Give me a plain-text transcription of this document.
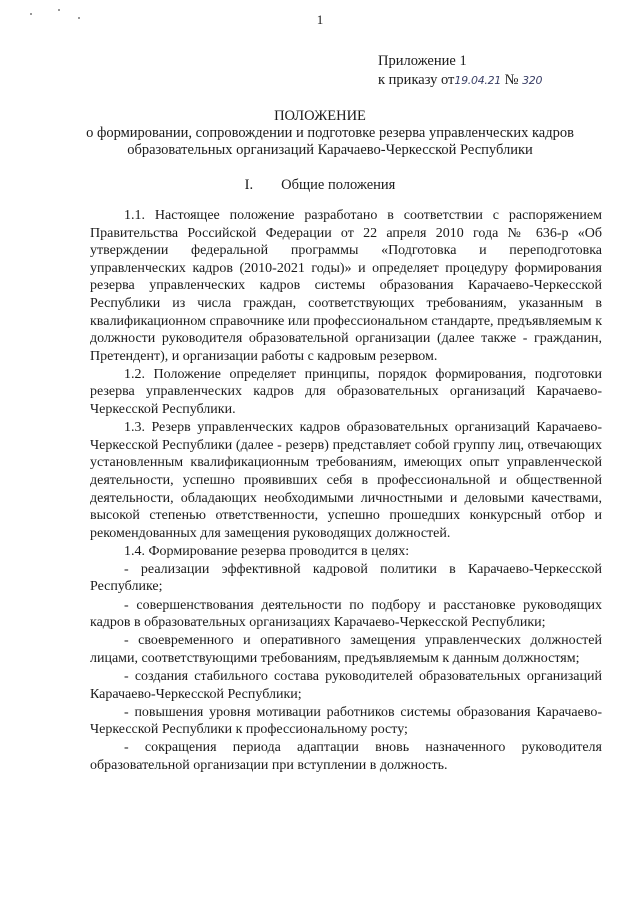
1
Приложение 1
к приказу от19.04.21 № 320
ПОЛОЖЕНИЕ
о формировании, сопровождении и подготовке резерва управленческих кадров образовательных организаций Карачаево-Черкесской Республики
I. Общие положения

1.1. Настоящее положение разработано в соответствии с распоряжением Правительства Российской Федерации от 22 апреля 2010 года № 636-р «Об утверждении федеральной программы «Подготовка и переподготовка управленческих кадров (2010-2021 годы)» и определяет процедуру формирования резерва управленческих кадров системы образования Карачаево-Черкесской Республики из числа граждан, соответствующих требованиям, указанным в квалификационном справочнике или профессиональном стандарте, предъявляемым к должности руководителя образовательной организации (далее также - гражданин, Претендент), и организации работы с кадровым резервом.

1.2. Положение определяет принципы, порядок формирования, подготовки резерва управленческих кадров для образовательных организаций Карачаево-Черкесской Республики.

1.3. Резерв управленческих кадров образовательных организаций Карачаево-Черкесской Республики (далее - резерв) представляет собой группу лиц, отвечающих установленным квалификационным требованиям, имеющих опыт управленческой деятельности, успешно проявивших себя в профессиональной и общественной деятельности, обладающих необходимыми личностными и деловыми качествами, высокой степенью ответственности, успешно прошедших конкурсный отбор и рекомендованных для замещения руководящих должностей.

1.4. Формирование резерва проводится в целях:

- реализации эффективной кадровой политики в Карачаево-Черкесской Республике;

- совершенствования деятельности по подбору и расстановке руководящих кадров в образовательных организациях Карачаево-Черкесской Республики;

- своевременного и оперативного замещения управленческих должностей лицами, соответствующими требованиям, предъявляемым к данным должностям;

- создания стабильного состава руководителей образовательных организаций Карачаево-Черкесской Республики;

- повышения уровня мотивации работников системы образования Карачаево-Черкесской Республики к профессиональному росту;

- сокращения периода адаптации вновь назначенного руководителя образовательной организации при вступлении в должность.
